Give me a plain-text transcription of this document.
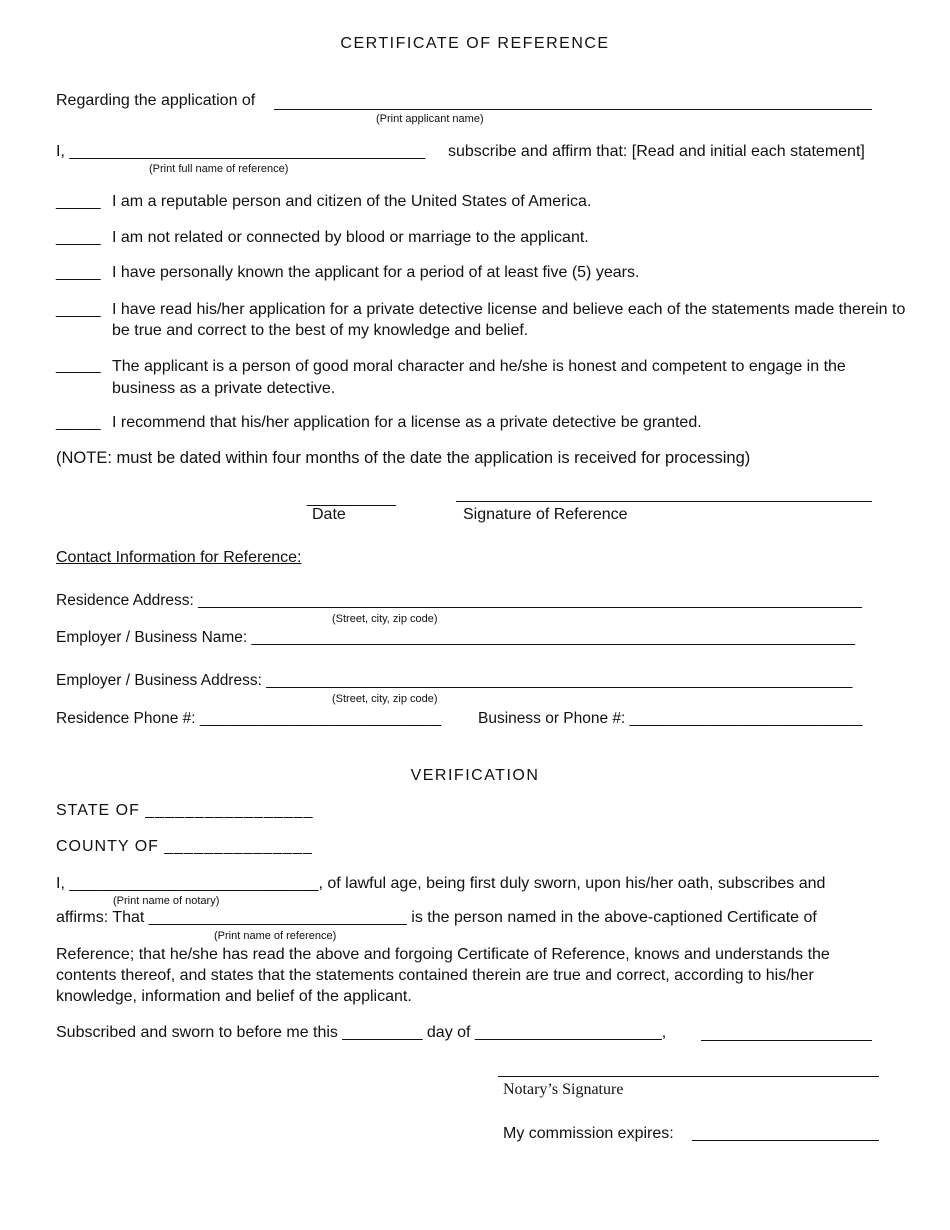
CERTIFICATE OF REFERENCE
Regarding the application of
(Print applicant name)
I, ________________________________________ subscribe and affirm that: [Read and initial each statement]
(Print full name of reference)
_____ I am a reputable person and citizen of the United States of America.
_____ I am not related or connected by blood or marriage to the applicant.
_____ I have personally known the applicant for a period of at least five (5) years.
_____ I have read his/her application for a private detective license and believe each of the statements made therein to be true and correct to the best of my knowledge and belief.
_____ The applicant is a person of good moral character and he/she is honest and competent to engage in the business as a private detective.
_____ I recommend that his/her application for a license as a private detective be granted.
(NOTE: must be dated within four months of the date the application is received for processing)
__________
Date	Signature of Reference
Contact Information for Reference:
Residence Address: _____________________________________________________________________________
(Street, city, zip code)
Employer / Business Name: ______________________________________________________________________
Employer / Business Address: ____________________________________________________________________
(Street, city, zip code)
Residence Phone #: ____________________________ Business or Phone #: ___________________________
VERIFICATION
STATE OF _________________
COUNTY OF _______________
I, ____________________________, of lawful age, being first duly sworn, upon his/her oath, subscribes and
(Print name of notary)
affirms: That _____________________________ is the person named in the above-captioned Certificate of
(Print name of reference)
Reference; that he/she has read the above and forgoing Certificate of Reference, knows and understands the contents thereof, and states that the statements contained therein are true and correct, according to his/her knowledge, information and belief of the applicant.
Subscribed and sworn to before me this _________ day of _____________________,
Notary’s Signature
My commission expires:
